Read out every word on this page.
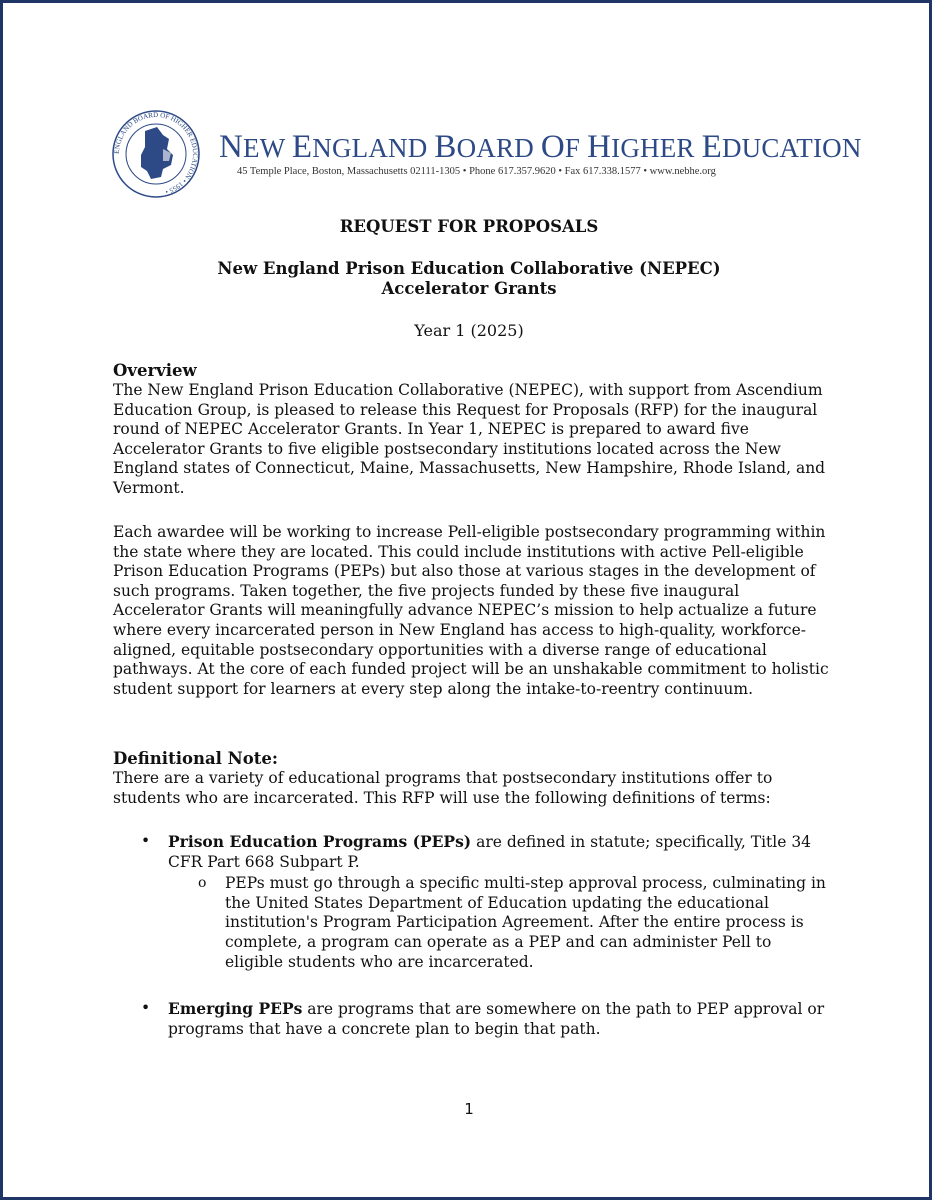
ENGLAND BOARD OF HIGHER EDUCATION • 1955 •
NEW ENGLAND BOARD OF HIGHER EDUCATION
45 Temple Place, Boston, Massachusetts 02111-1305 • Phone 617.357.9620 • Fax 617.338.1577 • www.nebhe.org
REQUEST FOR PROPOSALS
New England Prison Education Collaborative (NEPEC)
Accelerator Grants
Year 1 (2025)
Overview

The New England Prison Education Collaborative (NEPEC), with support from Ascendium Education Group, is pleased to release this Request for Proposals (RFP) for the inaugural round of NEPEC Accelerator Grants. In Year 1, NEPEC is prepared to award five Accelerator Grants to five eligible postsecondary institutions located across the New England states of Connecticut, Maine, Massachusetts, New Hampshire, Rhode Island, and Vermont.

Each awardee will be working to increase Pell-eligible postsecondary programming within the state where they are located. This could include institutions with active Pell-eligible Prison Education Programs (PEPs) but also those at various stages in the development of such programs. Taken together, the five projects funded by these five inaugural Accelerator Grants will meaningfully advance NEPEC’s mission to help actualize a future where every incarcerated person in New England has access to high-quality, workforce-aligned, equitable postsecondary opportunities with a diverse range of educational pathways. At the core of each funded project will be an unshakable commitment to holistic student support for learners at every step along the intake-to-reentry continuum.

Definitional Note:

There are a variety of educational programs that postsecondary institutions offer to students who are incarcerated. This RFP will use the following definitions of terms:

• Prison Education Programs (PEPs) are defined in statute; specifically, Title 34 CFR Part 668 Subpart P.
o PEPs must go through a specific multi-step approval process, culminating in the United States Department of Education updating the educational institution's Program Participation Agreement. After the entire process is complete, a program can operate as a PEP and can administer Pell to eligible students who are incarcerated.
• Emerging PEPs are programs that are somewhere on the path to PEP approval or programs that have a concrete plan to begin that path.
1
